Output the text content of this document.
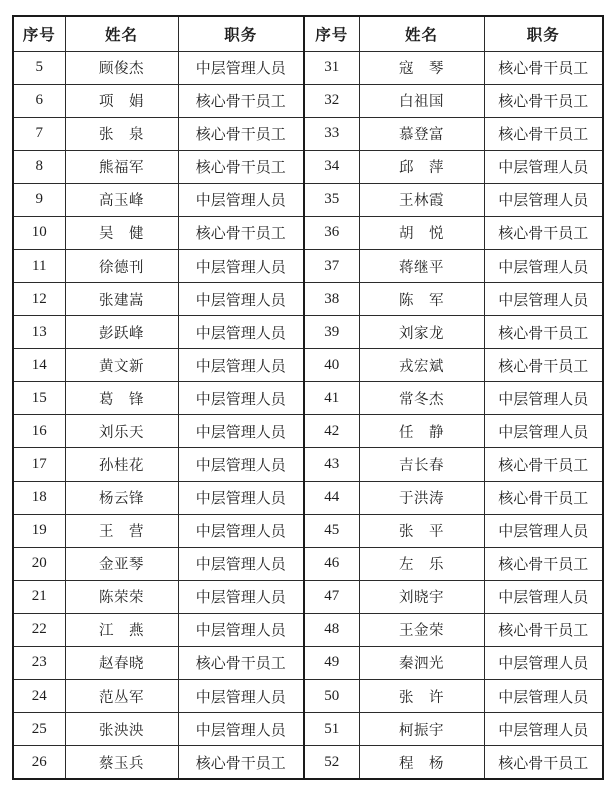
序号	姓名	职务	序号	姓名	职务
5	顾俊杰	中层管理人员	31	寇　琴	核心骨干员工
6	项　娟	核心骨干员工	32	白祖国	核心骨干员工
7	张　泉	核心骨干员工	33	慕登富	核心骨干员工
8	熊福军	核心骨干员工	34	邱　萍	中层管理人员
9	高玉峰	中层管理人员	35	王林霞	中层管理人员
10	吴　健	核心骨干员工	36	胡　悦	核心骨干员工
11	徐德刊	中层管理人员	37	蒋继平	中层管理人员
12	张建嵩	中层管理人员	38	陈　军	中层管理人员
13	彭跃峰	中层管理人员	39	刘家龙	核心骨干员工
14	黄文新	中层管理人员	40	戎宏斌	核心骨干员工
15	葛　锋	中层管理人员	41	常冬杰	中层管理人员
16	刘乐天	中层管理人员	42	任　静	中层管理人员
17	孙桂花	中层管理人员	43	吉长春	核心骨干员工
18	杨云锋	中层管理人员	44	于洪涛	核心骨干员工
19	王　营	中层管理人员	45	张　平	中层管理人员
20	金亚琴	中层管理人员	46	左　乐	核心骨干员工
21	陈荣荣	中层管理人员	47	刘晓宇	中层管理人员
22	江　燕	中层管理人员	48	王金荣	核心骨干员工
23	赵春晓	核心骨干员工	49	秦泗光	中层管理人员
24	范丛军	中层管理人员	50	张　许	中层管理人员
25	张泱泱	中层管理人员	51	柯振宇	中层管理人员
26	蔡玉兵	核心骨干员工	52	程　杨	核心骨干员工
